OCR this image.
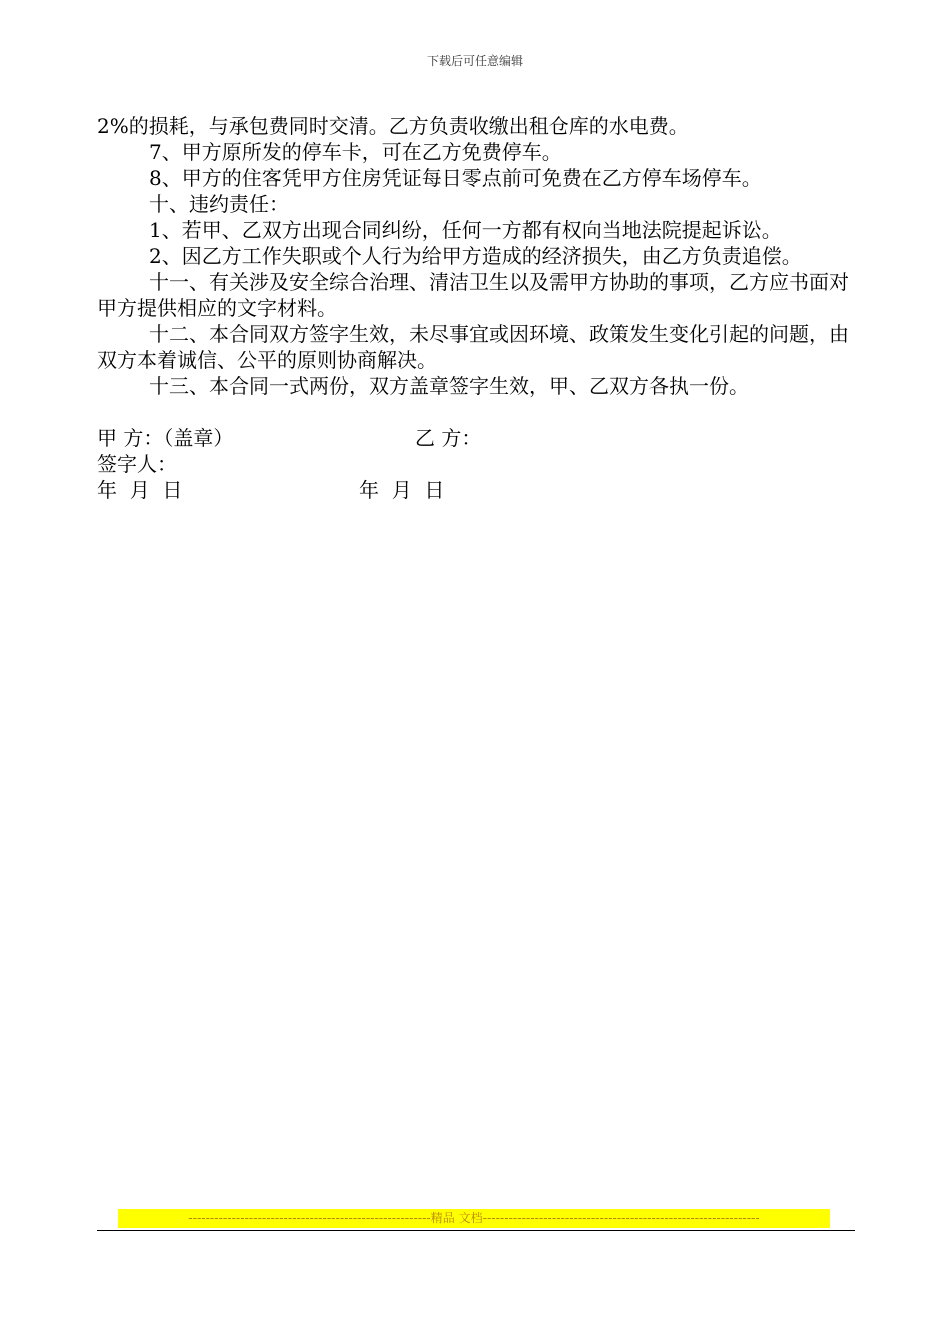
下载后可任意编辑

2%的损耗，与承包费同时交清。乙方负责收缴出租仓库的水电费。

7、甲方原所发的停车卡，可在乙方免费停车。

8、甲方的住客凭甲方住房凭证每日零点前可免费在乙方停车场停车。

十、违约责任：

1、若甲、乙双方出现合同纠纷，任何一方都有权向当地法院提起诉讼。

2、因乙方工作失职或个人行为给甲方造成的经济损失，由乙方负责追偿。

十一、有关涉及安全综合治理、清洁卫生以及需甲方协助的事项，乙方应书面对甲方提供相应的文字材料。

十二、本合同双方签字生效，未尽事宜或因环境、政策发生变化引起的问题，由双方本着诚信、公平的原则协商解决。

十三、本合同一式两份，双方盖章签字生效，甲、乙双方各执一份。

甲 方：（盖章）

	乙 方：

签字人：

年  月  日

	年  月  日

--------------------------------------------------------精品 文档----------------------------------------------------------------
